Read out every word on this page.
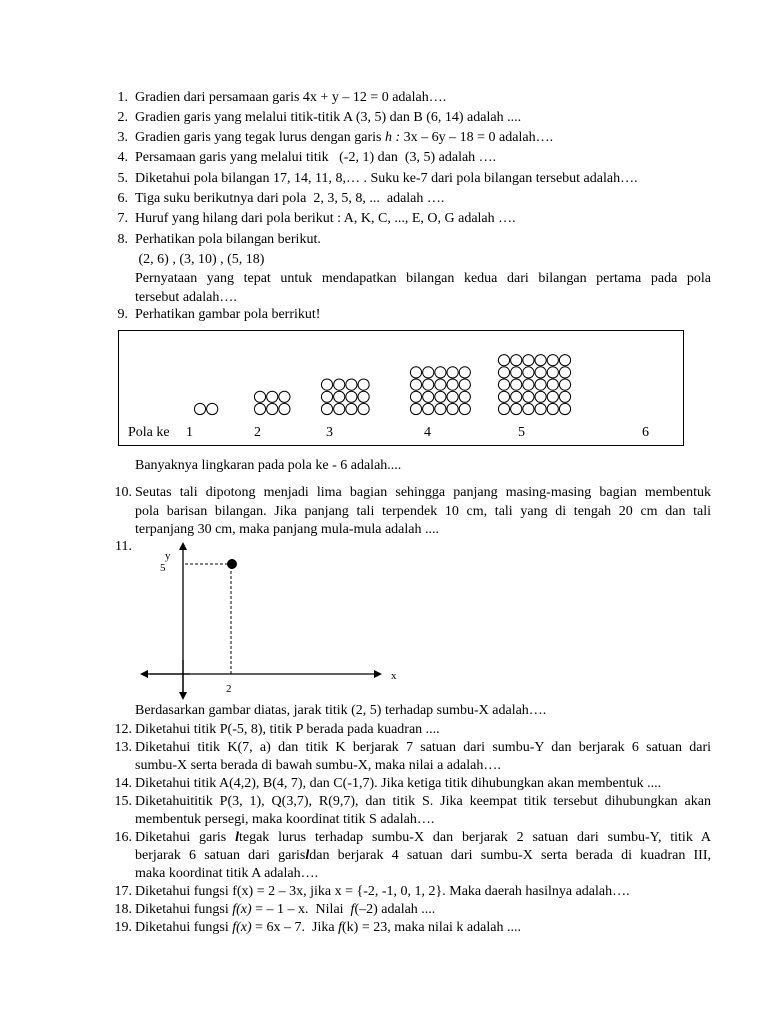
1. Gradien dari persamaan garis 4x + y – 12 = 0 adalah….
2. Gradien garis yang melalui titik-titik A (3, 5) dan B (6, 14) adalah ....
3. Gradien garis yang tegak lurus dengan garis h : 3x – 6y – 18 = 0 adalah….
4. Persamaan garis yang melalui titik   (-2, 1) dan  (3, 5) adalah ….
5. Diketahui pola bilangan 17, 14, 11, 8,… . Suku ke-7 dari pola bilangan tersebut adalah….
6. Tiga suku berikutnya dari pola  2, 3, 5, 8, ...  adalah ….
7. Huruf yang hilang dari pola berikut : A, K, C, ..., E, O, G adalah ….
8. Perhatikan pola bilangan berikut.
(2, 6) , (3, 10) , (5, 18)
Pernyataan yang tepat untuk mendapatkan bilangan kedua dari bilangan pertama pada pola
tersebut adalah….
9. Perhatikan gambar pola berrikut!
Pola ke 1	2	3	4	5	6
Banyaknya lingkaran pada pola ke - 6 adalah....
10. Seutas tali dipotong menjadi lima bagian sehingga panjang masing-masing bagian membentuk
pola barisan bilangan. Jika panjang tali terpendek 10 cm, tali yang di tengah 20 cm dan tali
terpanjang 30 cm, maka panjang mula-mula adalah ....
11.
y
5
x
2
Berdasarkan gambar diatas, jarak titik (2, 5) terhadap sumbu-X adalah….
12. Diketahui titik P(-5, 8), titik P berada pada kuadran ....
13. Diketahui titik K(7, a) dan titik K berjarak 7 satuan dari sumbu-Y dan berjarak 6 satuan dari
sumbu-X serta berada di bawah sumbu-X, maka nilai a adalah….
14. Diketahui titik A(4,2), B(4, 7), dan C(-1,7). Jika ketiga titik dihubungkan akan membentuk ....
15. Diketahuititik P(3, 1), Q(3,7), R(9,7), dan titik S. Jika keempat titik tersebut dihubungkan akan
membentuk persegi, maka koordinat titik S adalah….
16. Diketahui garis ltegak lurus terhadap sumbu-X dan berjarak 2 satuan dari sumbu-Y, titik A
berjarak 6 satuan dari garisldan berjarak 4 satuan dari sumbu-X serta berada di kuadran III,
maka koordinat titik A adalah….
17. Diketahui fungsi f(x) = 2 – 3x, jika x = {-2, -1, 0, 1, 2}. Maka daerah hasilnya adalah….
18. Diketahui fungsi f(x) = – 1 – x.  Nilai  f(–2) adalah ....
19. Diketahui fungsi f(x) = 6x – 7.  Jika f(k) = 23, maka nilai k adalah ....
